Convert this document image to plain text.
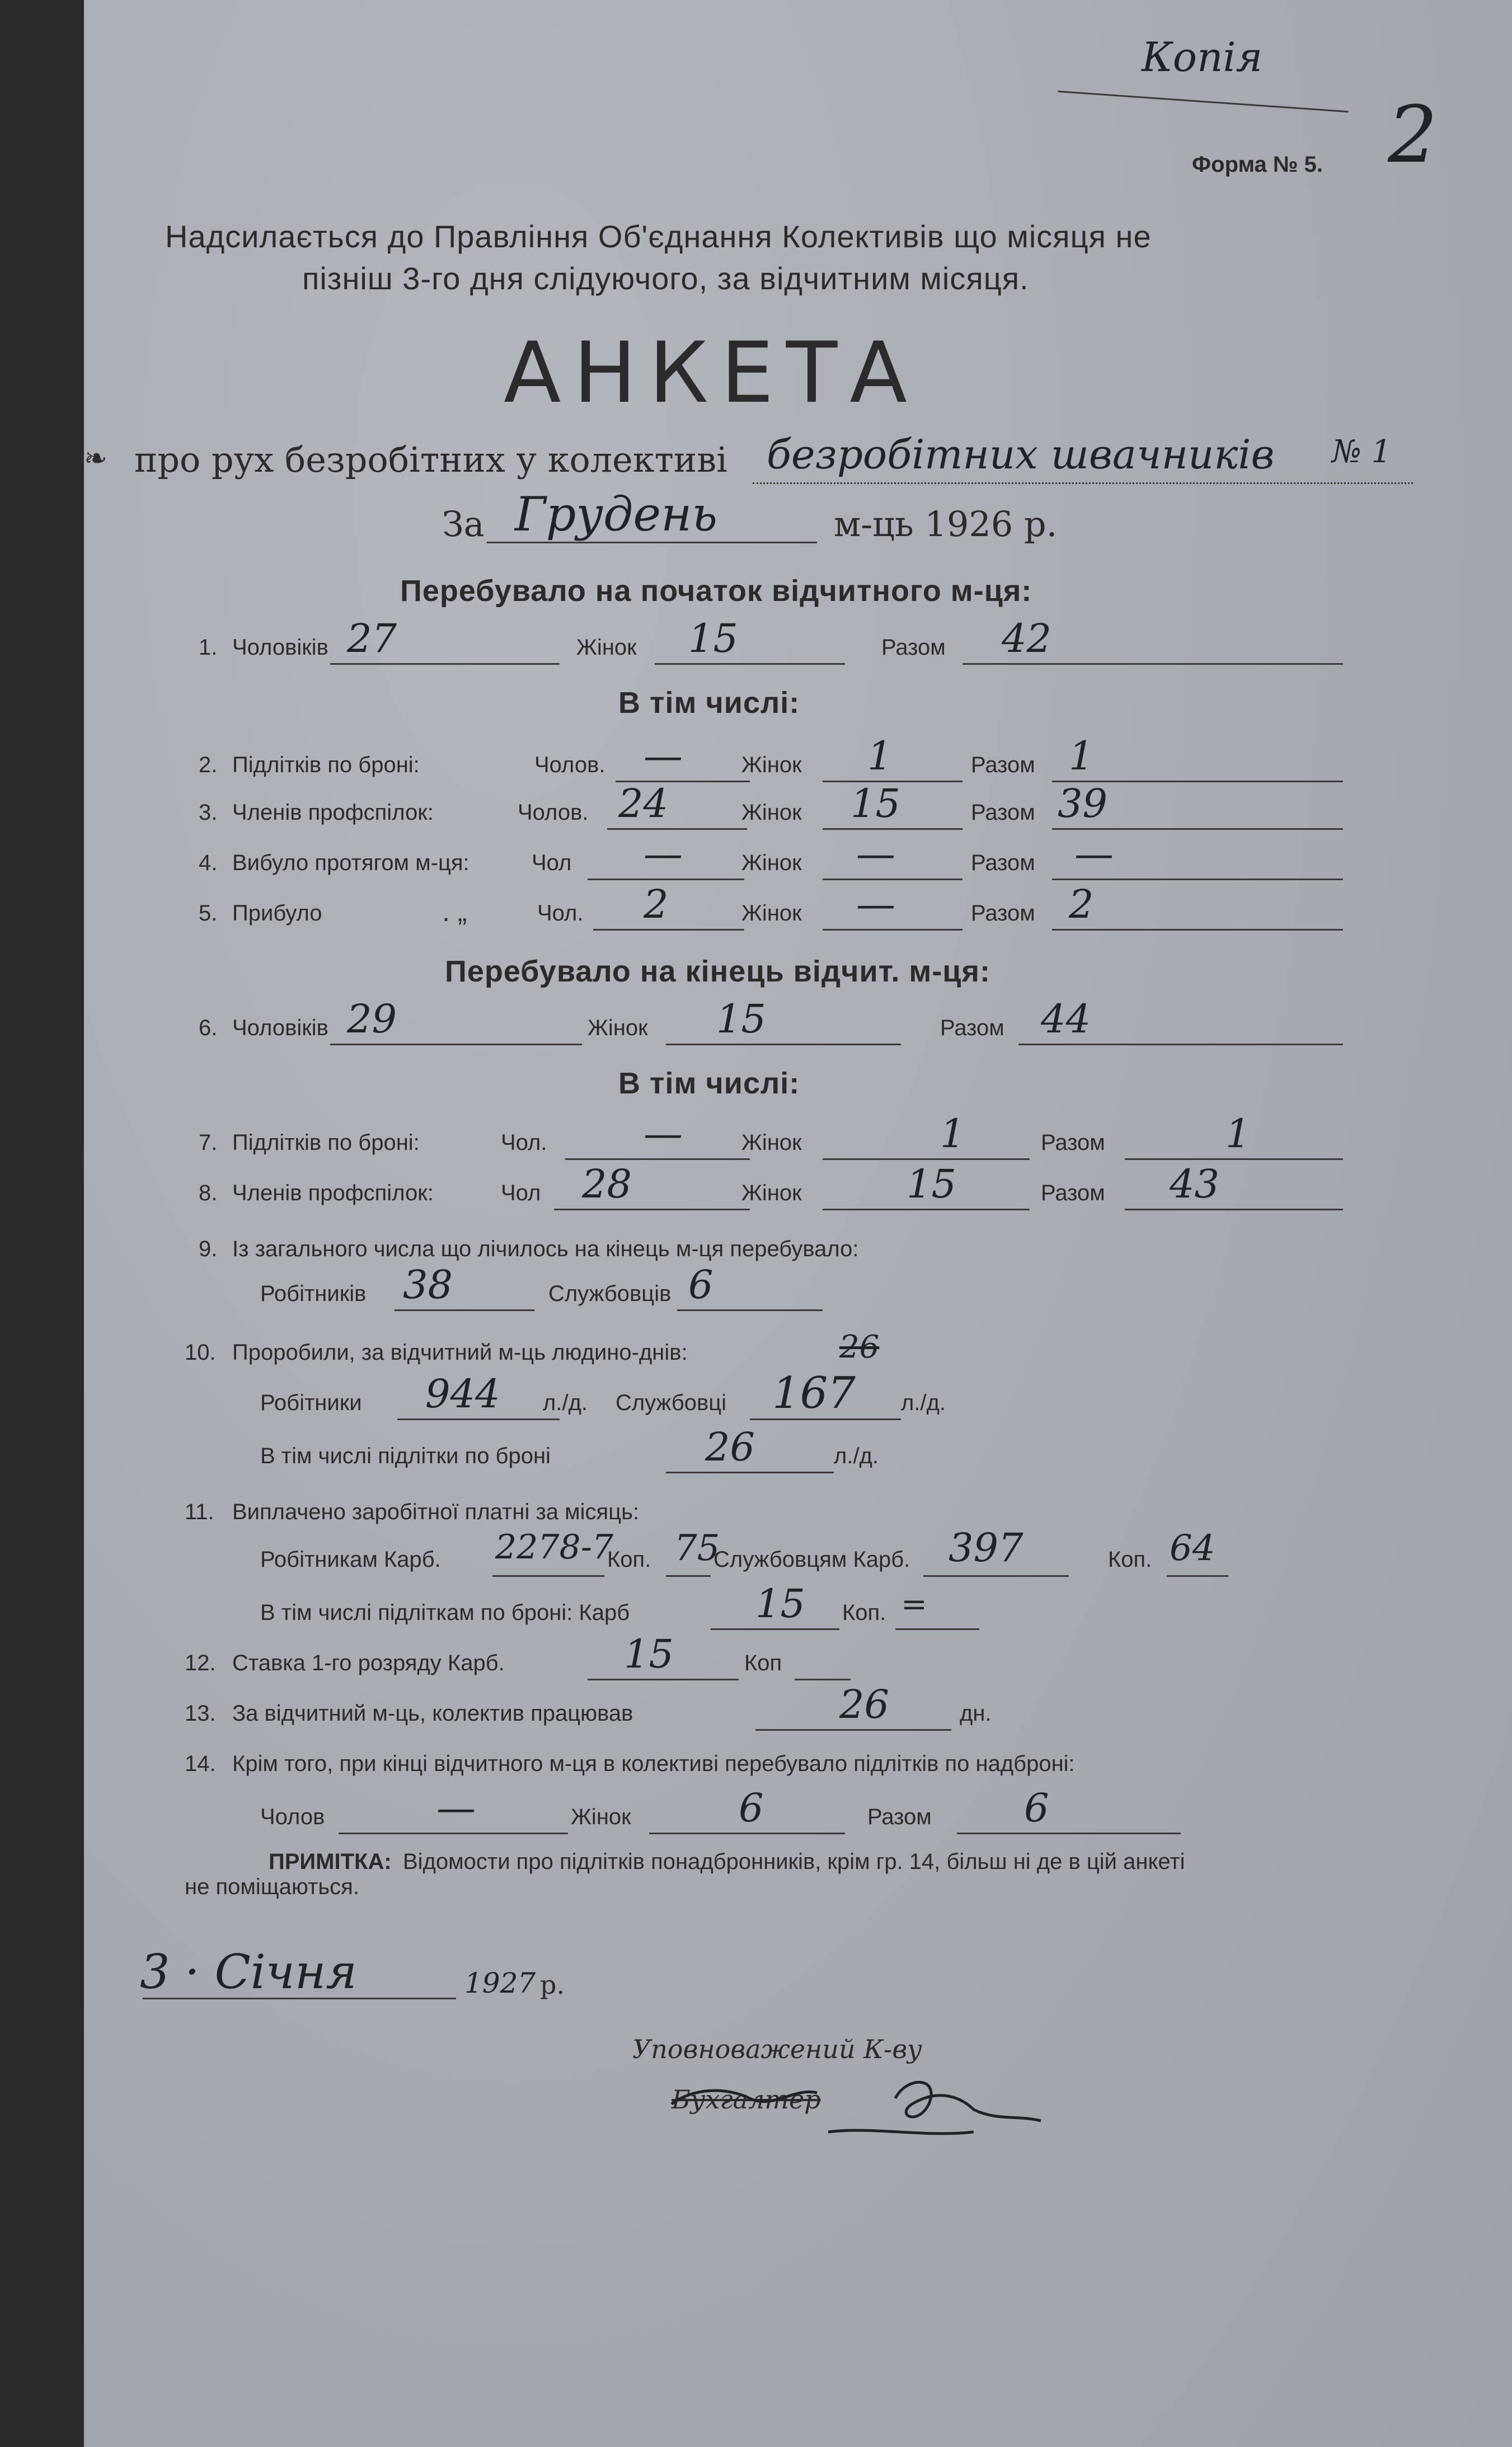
Копія
2
Форма № 5.
Надсилається до Правління Об'єднання Колективів що місяця не
пізніш 3-го дня слідуючого, за відчитним місяця.
АНКЕТА
❧ про рух безробітних у колективі безробітних швачників № 1
За Грудень	м-ць 1926 р.
Перебувало на початок відчитного м-ця:
1. Чоловіків 27	Жінок 15	Разом 42
В тім числі:
2. Підлітків по броні:	Чолов. —	Жінок 1	Разом 1
3. Членів профспілок:	Чолов. 24	Жінок 15	Разом 39
4. Вибуло протягом м-ця:	Чол —	Жінок —	Разом —
5. Прибуло	. „	Чол. 2	Жінок —	Разом 2
Перебувало на кінець відчит. м-ця:
6. Чоловіків 29	Жінок 15	Разом 44
В тім числі:
7. Підлітків по броні:	Чол. —	Жінок	1	Разом	1
8. Членів профспілок:	Чол 28	Жінок	15	Разом 43
9. Із загального числа що лічилось на кінець м-ця перебувало:
Робітників 38	Службовців 6
10. Проробили, за відчитний м-ць людино-днів:	26
Робітники 944 л./д. Службовці 167 л./д.
В тім числі підлітки по броні	26	л./д.
11. Виплачено заробітної платні за місяць:
Робітникам Карб. 2278-7
Коп. 75
Службовцям Карб. 397	Коп. 64
В тім числі підліткам по броні: Карб	15 Коп. =
12. Ставка 1-го розряду Карб.	15	Коп
13. За відчитний м-ць, колектив працював	26	дн.
14. Крім того, при кінці відчитного м-ця в колективі перебувало підлітків по надброні:
Чолов	—	Жінок	6	Разом 6
ПРИМІТКА: Відомости про підлітків понадбронників, крім гр. 14, більш ні де в цій анкеті
не поміщаються.
3 · Січня	1927 р.
Уповноважений К-ву
Бухгалтер
